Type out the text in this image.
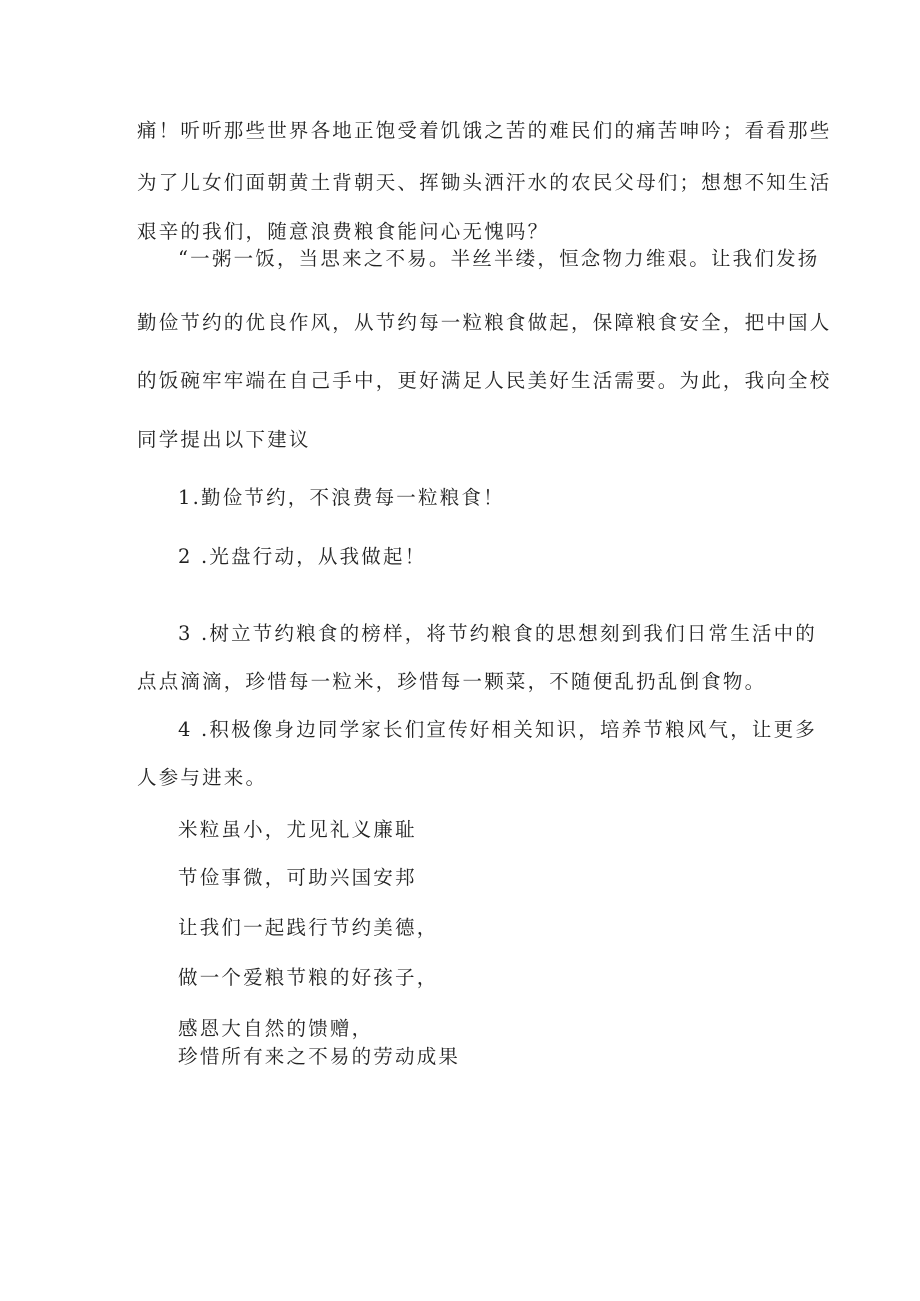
痛！听听那些世界各地正饱受着饥饿之苦的难民们的痛苦呻吟；看看那些
为了儿女们面朝黄土背朝天、挥锄头洒汗水的农民父母们；想想不知生活
艰辛的我们，随意浪费粮食能问心无愧吗？
“一粥一饭，当思来之不易。半丝半缕，恒念物力维艰。让我们发扬
勤俭节约的优良作风，从节约每一粒粮食做起，保障粮食安全，把中国人
的饭碗牢牢端在自己手中，更好满足人民美好生活需要。为此，我向全校
同学提出以下建议
1.勤俭节约，不浪费每一粒粮食！
2 .光盘行动，从我做起！
3 .树立节约粮食的榜样，将节约粮食的思想刻到我们日常生活中的
点点滴滴，珍惜每一粒米，珍惜每一颗菜，不随便乱扔乱倒食物。
4 .积极像身边同学家长们宣传好相关知识，培养节粮风气，让更多
人参与进来。
米粒虽小，尤见礼义廉耻
节俭事微，可助兴国安邦
让我们一起践行节约美德，
做一个爱粮节粮的好孩子，
感恩大自然的馈赠，
珍惜所有来之不易的劳动成果
